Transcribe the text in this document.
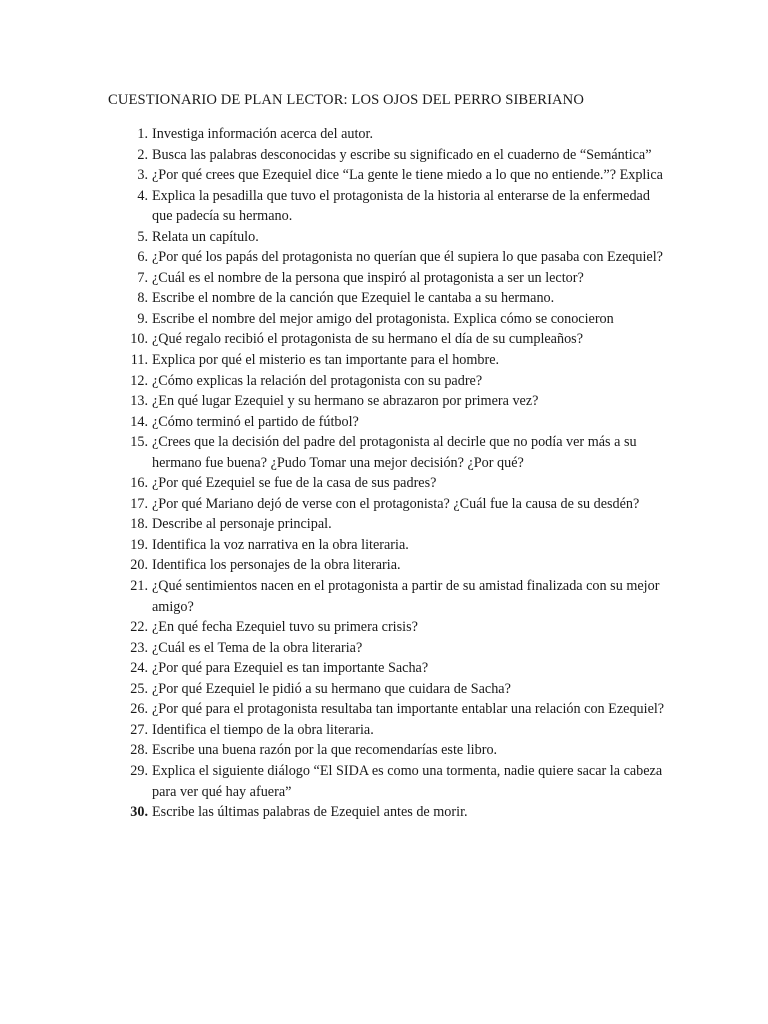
CUESTIONARIO DE PLAN LECTOR: LOS OJOS DEL PERRO SIBERIANO
1. Investiga información acerca del autor.
2. Busca las palabras desconocidas y escribe su significado en el cuaderno de “Semántica”
3. ¿Por qué crees que Ezequiel dice “La gente le tiene miedo a lo que no entiende.”? Explica
4. Explica la pesadilla que tuvo el protagonista de la historia al enterarse de la enfermedad que padecía su hermano.
5. Relata un capítulo.
6. ¿Por qué los papás del protagonista no querían que él supiera lo que pasaba con Ezequiel?
7. ¿Cuál es el nombre de la persona que inspiró al protagonista a ser un lector?
8. Escribe el nombre de la canción que Ezequiel le cantaba a su hermano.
9. Escribe el nombre del mejor amigo del protagonista. Explica cómo se conocieron
10. ¿Qué regalo recibió el protagonista de su hermano el día de su cumpleaños?
11. Explica por qué el misterio es tan importante para el hombre.
12. ¿Cómo explicas la relación del protagonista con su padre?
13. ¿En qué lugar Ezequiel y su hermano se abrazaron por primera vez?
14. ¿Cómo terminó el partido de fútbol?
15. ¿Crees que la decisión del padre del protagonista al decirle que no podía ver más a su hermano fue buena? ¿Pudo Tomar una mejor decisión? ¿Por qué?
16. ¿Por qué Ezequiel se fue de la casa de sus padres?
17. ¿Por qué Mariano dejó de verse con el protagonista? ¿Cuál fue la causa de su desdén?
18. Describe al personaje principal.
19. Identifica la voz narrativa en la obra literaria.
20. Identifica los personajes de la obra literaria.
21. ¿Qué sentimientos nacen en el protagonista a partir de su amistad finalizada con su mejor amigo?
22. ¿En qué fecha Ezequiel tuvo su primera crisis?
23. ¿Cuál es el Tema de la obra literaria?
24. ¿Por qué para Ezequiel es tan importante Sacha?
25. ¿Por qué Ezequiel le pidió a su hermano que cuidara de Sacha?
26. ¿Por qué para el protagonista resultaba tan importante entablar una relación con Ezequiel?
27. Identifica el tiempo de la obra literaria.
28. Escribe una buena razón por la que recomendarías este libro.
29. Explica el siguiente diálogo “El SIDA es como una tormenta, nadie quiere sacar la cabeza para ver qué hay afuera”
30. Escribe las últimas palabras de Ezequiel antes de morir.
